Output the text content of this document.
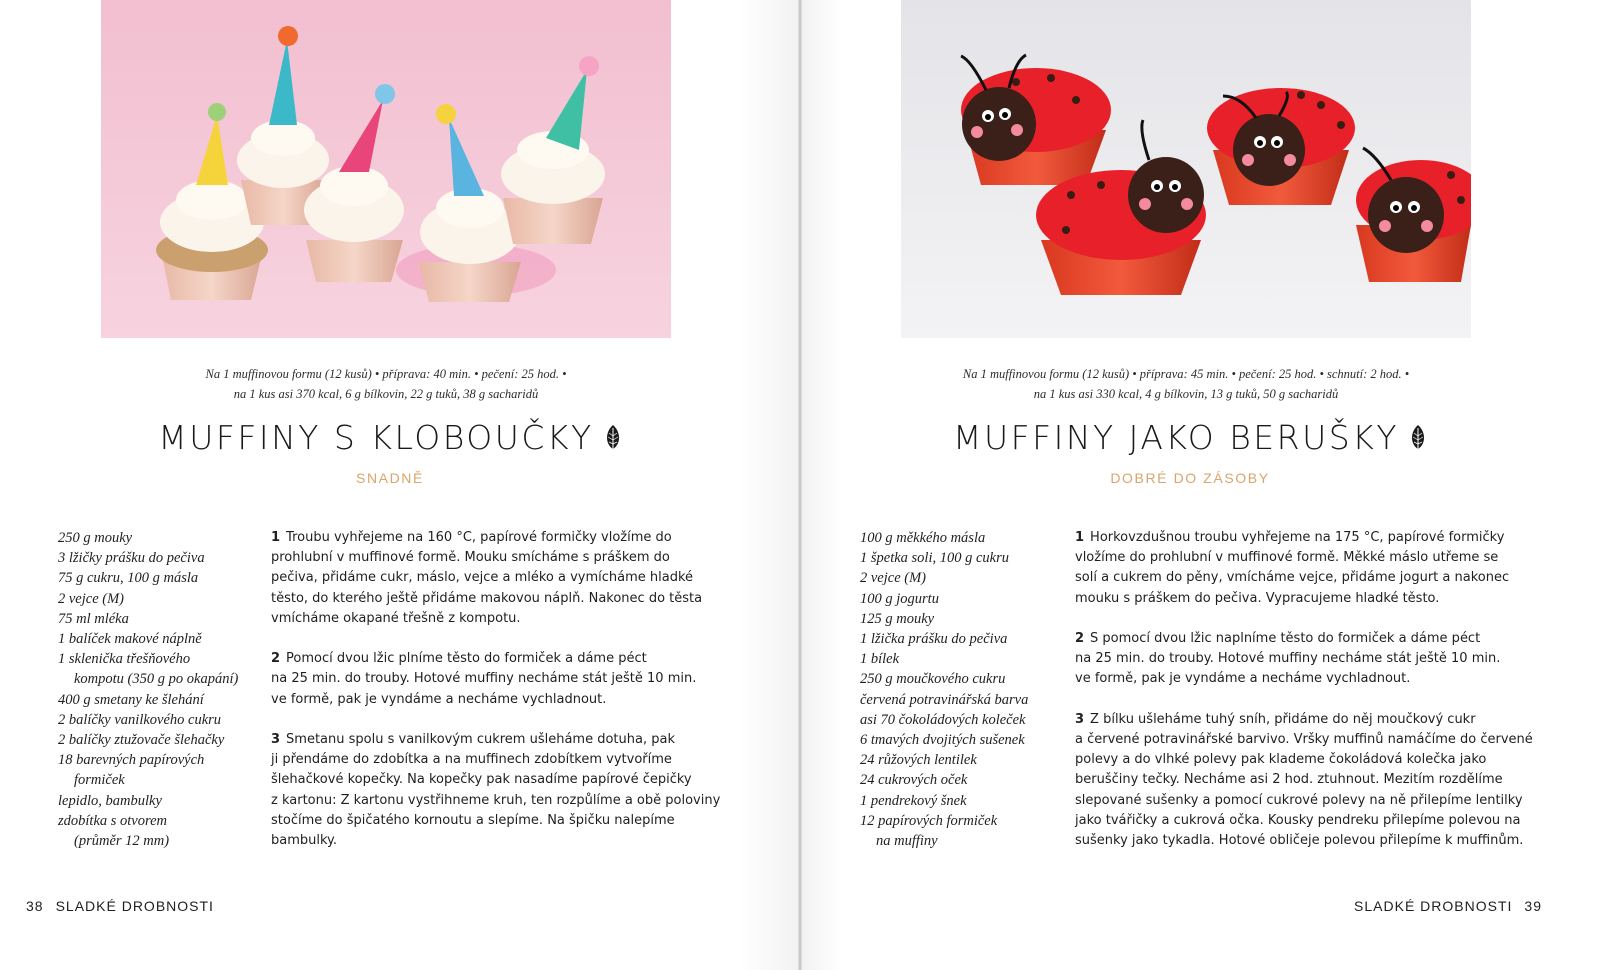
Na 1 muffinovou formu (12 kusů) • příprava: 40 min. • pečení: 25 hod. •
na 1 kus asi 370 kcal, 6 g bílkovin, 22 g tuků, 38 g sacharidů
MUFFINY S KLOBOUČKY
SNADNĚ
250 g mouky
3 lžičky prášku do pečiva
75 g cukru, 100 g másla
2 vejce (M)
75 ml mléka
1 balíček makové náplně
1 sklenička třešňového
kompotu (350 g po okapání)
400 g smetany ke šlehání
2 balíčky vanilkového cukru
2 balíčky ztužovače šlehačky
18 barevných papírových
formiček
lepidlo, bambulky
zdobítka s otvorem
(průměr 12 mm)

1 Troubu vyhřejeme na 160 °C, papírové formičky vložíme do

prohlubní v muffinové formě. Mouku smícháme s práškem do

pečiva, přidáme cukr, máslo, vejce a mléko a vymícháme hladké

těsto, do kterého ještě přidáme makovou náplň. Nakonec do těsta

vmícháme okapané třešně z kompotu.

2 Pomocí dvou lžic plníme těsto do formiček a dáme péct

na 25 min. do trouby. Hotové muffiny necháme stát ještě 10 min.

ve formě, pak je vyndáme a necháme vychladnout.

3 Smetanu spolu s vanilkovým cukrem ušleháme dotuha, pak

ji přendáme do zdobítka a na muffinech zdobítkem vytvoříme

šlehačkové kopečky. Na kopečky pak nasadíme papírové čepičky

z kartonu: Z kartonu vystřihneme kruh, ten rozpůlíme a obě poloviny

stočíme do špičatého kornoutu a slepíme. Na špičku nalepíme

bambulky.

38 SLADKÉ DROBNOSTI
Na 1 muffinovou formu (12 kusů) • příprava: 45 min. • pečení: 25 hod. • schnutí: 2 hod. •
na 1 kus asi 330 kcal, 4 g bílkovin, 13 g tuků, 50 g sacharidů
MUFFINY JAKO BERUŠKY
DOBRÉ DO ZÁSOBY
100 g měkkého másla
1 špetka soli, 100 g cukru
2 vejce (M)
100 g jogurtu
125 g mouky
1 lžička prášku do pečiva
1 bílek
250 g moučkového cukru
červená potravinářská barva
asi 70 čokoládových koleček
6 tmavých dvojitých sušenek
24 růžových lentilek
24 cukrových oček
1 pendrekový šnek
12 papírových formiček
na muffiny

1 Horkovzdušnou troubu vyhřejeme na 175 °C, papírové formičky

vložíme do prohlubní v muffinové formě. Měkké máslo utřeme se

solí a cukrem do pěny, vmícháme vejce, přidáme jogurt a nakonec

mouku s práškem do pečiva. Vypracujeme hladké těsto.

2 S pomocí dvou lžic naplníme těsto do formiček a dáme péct

na 25 min. do trouby. Hotové muffiny necháme stát ještě 10 min.

ve formě, pak je vyndáme a necháme vychladnout.

3 Z bílku ušleháme tuhý sníh, přidáme do něj moučkový cukr

a červené potravinářské barvivo. Vršky muffinů namáčíme do červené

polevy a do vlhké polevy pak klademe čokoládová kolečka jako

beruščiny tečky. Necháme asi 2 hod. ztuhnout. Mezitím rozdělíme

slepované sušenky a pomocí cukrové polevy na ně přilepíme lentilky

jako tvářičky a cukrová očka. Kousky pendreku přilepíme polevou na

sušenky jako tykadla. Hotové obličeje polevou přilepíme k muffinům.

SLADKÉ DROBNOSTI 39
